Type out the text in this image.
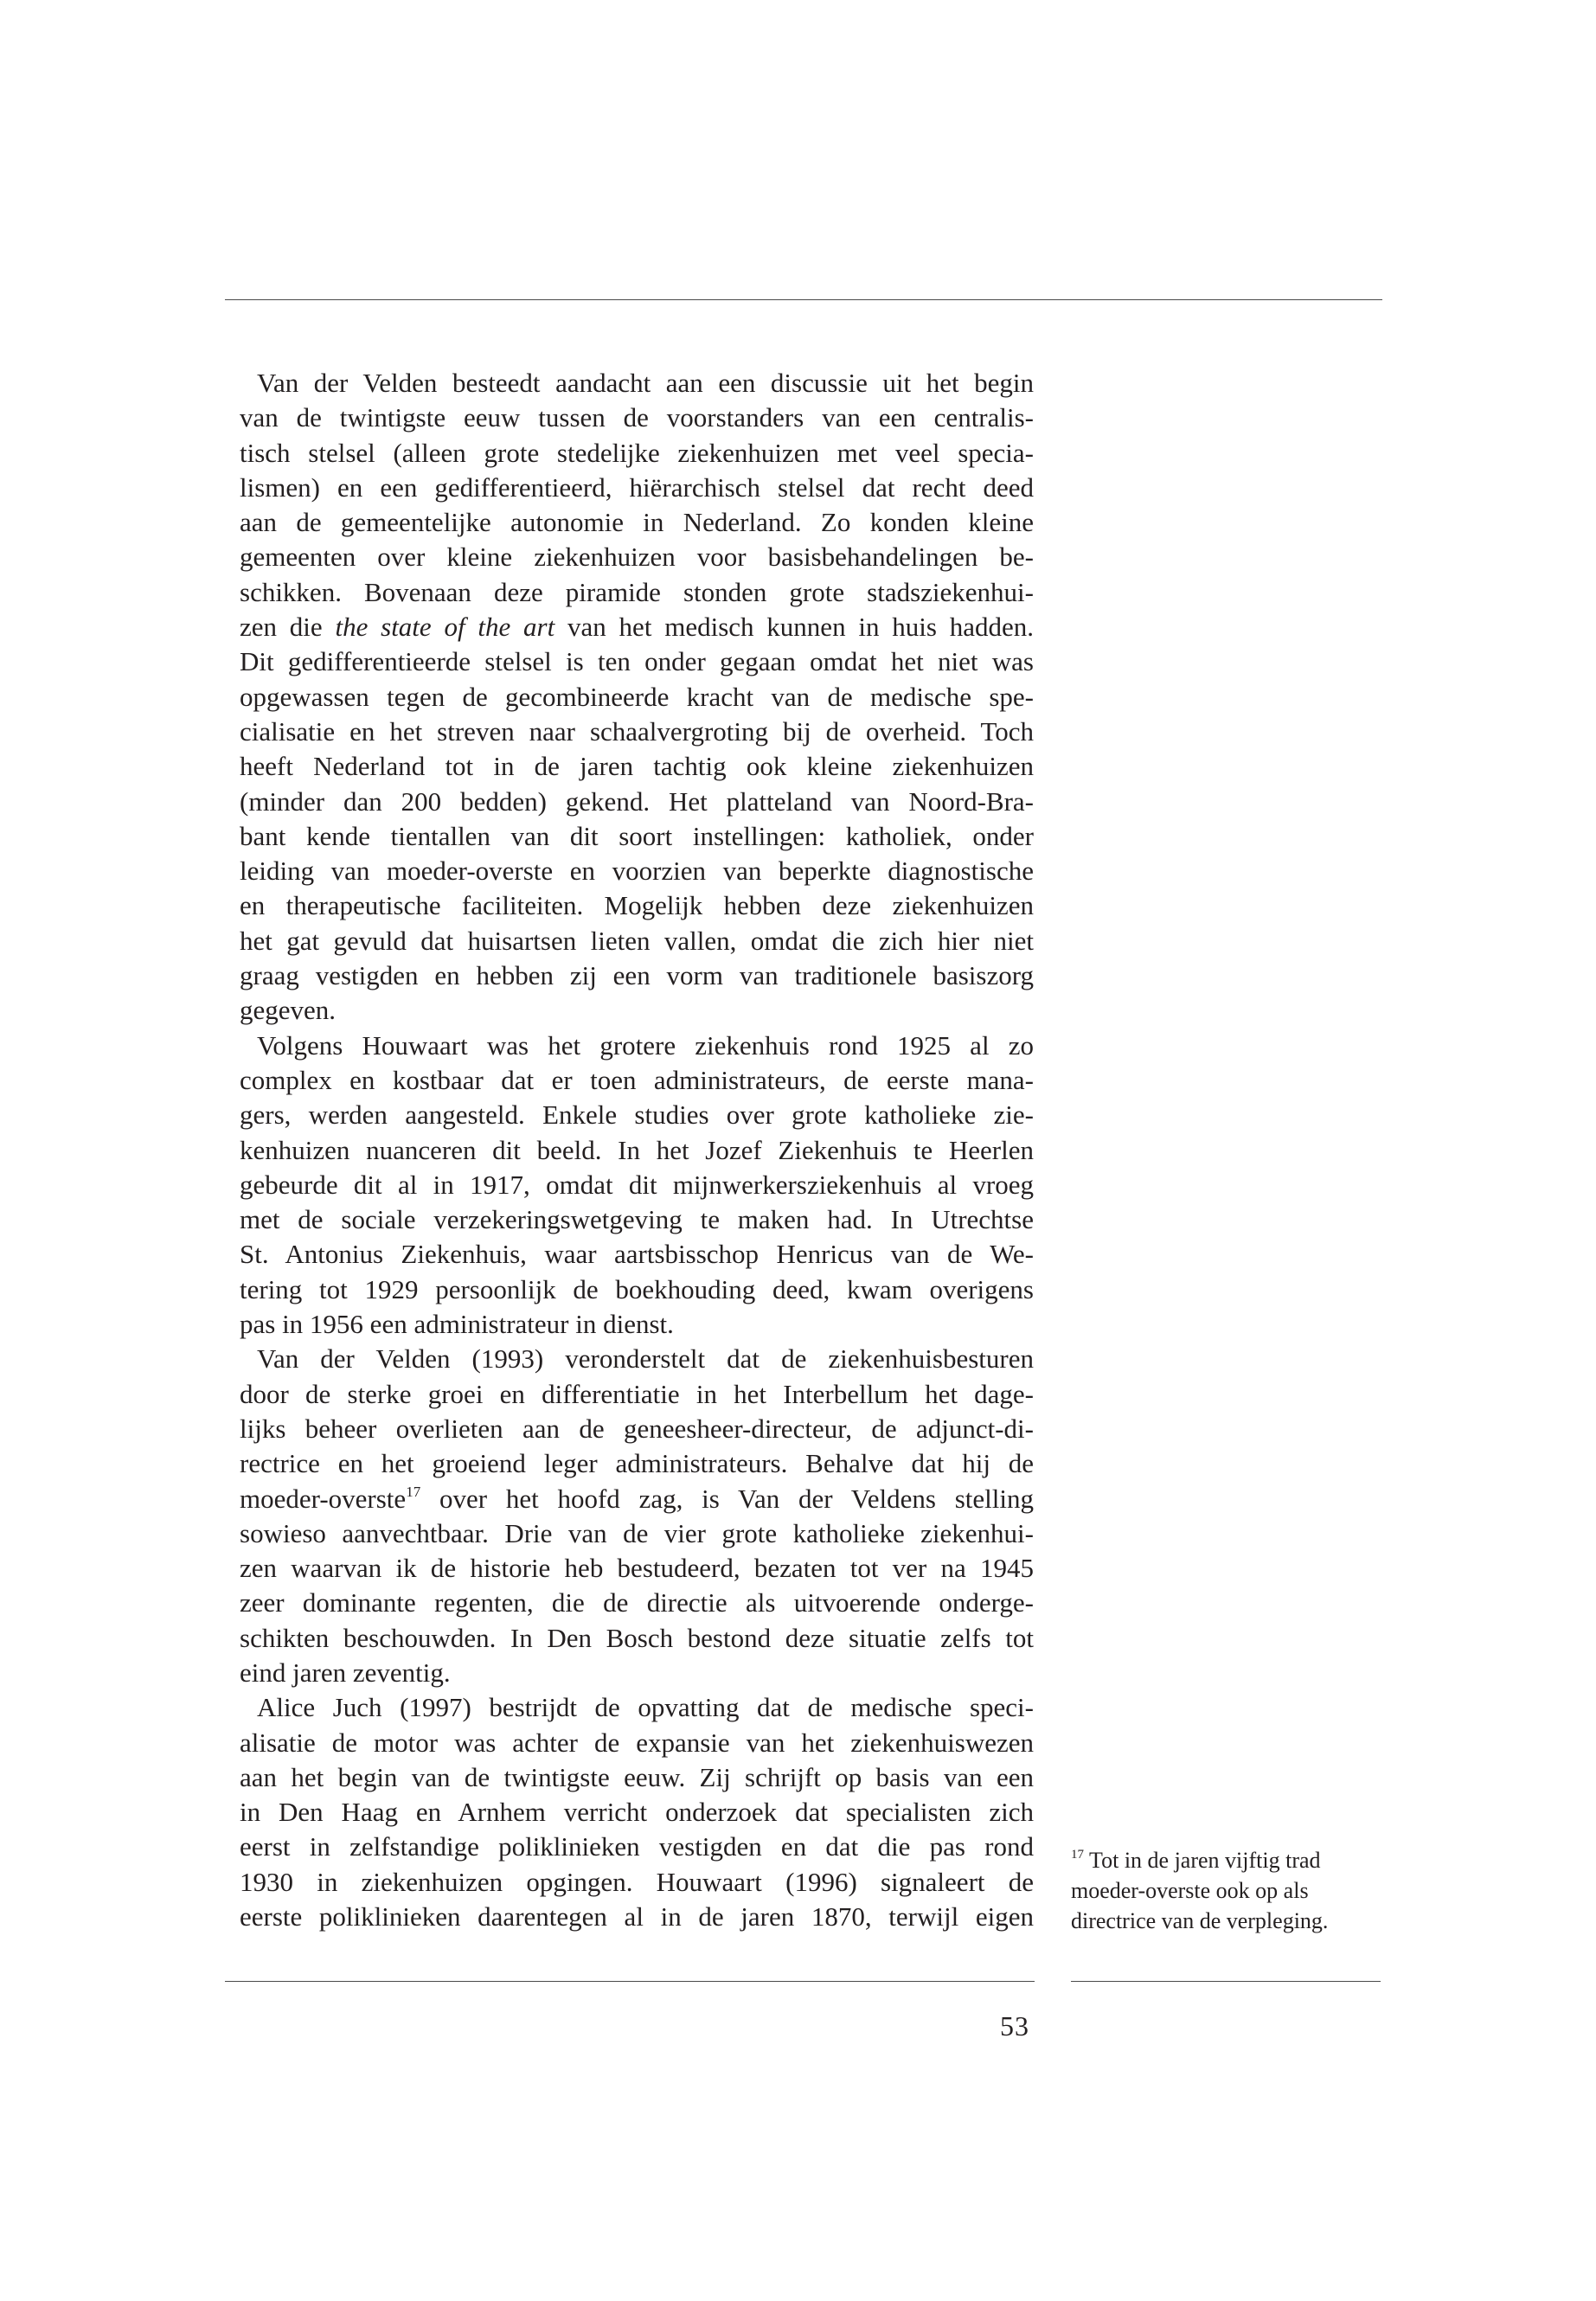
Van der Velden besteedt aandacht aan een discussie uit het begin
van de twintigste eeuw tussen de voorstanders van een centralis-
tisch stelsel (alleen grote stedelijke ziekenhuizen met veel specia-
lismen) en een gedifferentieerd, hiërarchisch stelsel dat recht deed
aan de gemeentelijke autonomie in Nederland. Zo konden kleine
gemeenten over kleine ziekenhuizen voor basisbehandelingen be-
schikken. Bovenaan deze piramide stonden grote stadsziekenhui-
zen die the state of the art van het medisch kunnen in huis hadden.
Dit gedifferentieerde stelsel is ten onder gegaan omdat het niet was
opgewassen tegen de gecombineerde kracht van de medische spe-
cialisatie en het streven naar schaalvergroting bij de overheid. Toch
heeft Nederland tot in de jaren tachtig ook kleine ziekenhuizen
(minder dan 200 bedden) gekend. Het platteland van Noord-Bra-
bant kende tientallen van dit soort instellingen: katholiek, onder
leiding van moeder-overste en voorzien van beperkte diagnostische
en therapeutische faciliteiten. Mogelijk hebben deze ziekenhuizen
het gat gevuld dat huisartsen lieten vallen, omdat die zich hier niet
graag vestigden en hebben zij een vorm van traditionele basiszorg
gegeven.
Volgens Houwaart was het grotere ziekenhuis rond 1925 al zo
complex en kostbaar dat er toen administrateurs, de eerste mana-
gers, werden aangesteld. Enkele studies over grote katholieke zie-
kenhuizen nuanceren dit beeld. In het Jozef Ziekenhuis te Heerlen
gebeurde dit al in 1917, omdat dit mijnwerkersziekenhuis al vroeg
met de sociale verzekeringswetgeving te maken had. In Utrechtse
St. Antonius Ziekenhuis, waar aartsbisschop Henricus van de We-
tering tot 1929 persoonlijk de boekhouding deed, kwam overigens
pas in 1956 een administrateur in dienst.
Van der Velden (1993) veronderstelt dat de ziekenhuisbesturen
door de sterke groei en differentiatie in het Interbellum het dage-
lijks beheer overlieten aan de geneesheer-directeur, de adjunct-di-
rectrice en het groeiend leger administrateurs. Behalve dat hij de
moeder-overste$^{17}$ over het hoofd zag, is Van der Veldens stelling
sowieso aanvechtbaar. Drie van de vier grote katholieke ziekenhui-
zen waarvan ik de historie heb bestudeerd, bezaten tot ver na 1945
zeer dominante regenten, die de directie als uitvoerende onderge-
schikten beschouwden. In Den Bosch bestond deze situatie zelfs tot
eind jaren zeventig.
Alice Juch (1997) bestrijdt de opvatting dat de medische speci-
alisatie de motor was achter de expansie van het ziekenhuiswezen
aan het begin van de twintigste eeuw. Zij schrijft op basis van een
in Den Haag en Arnhem verricht onderzoek dat specialisten zich
eerst in zelfstandige poliklinieken vestigden en dat die pas rond
1930 in ziekenhuizen opgingen. Houwaart (1996) signaleert de
eerste poliklinieken daarentegen al in de jaren 1870, terwijl eigen
$^{17}$ Tot in de jaren vijftig trad
moeder-overste ook op als
directrice van de verpleging.
53
